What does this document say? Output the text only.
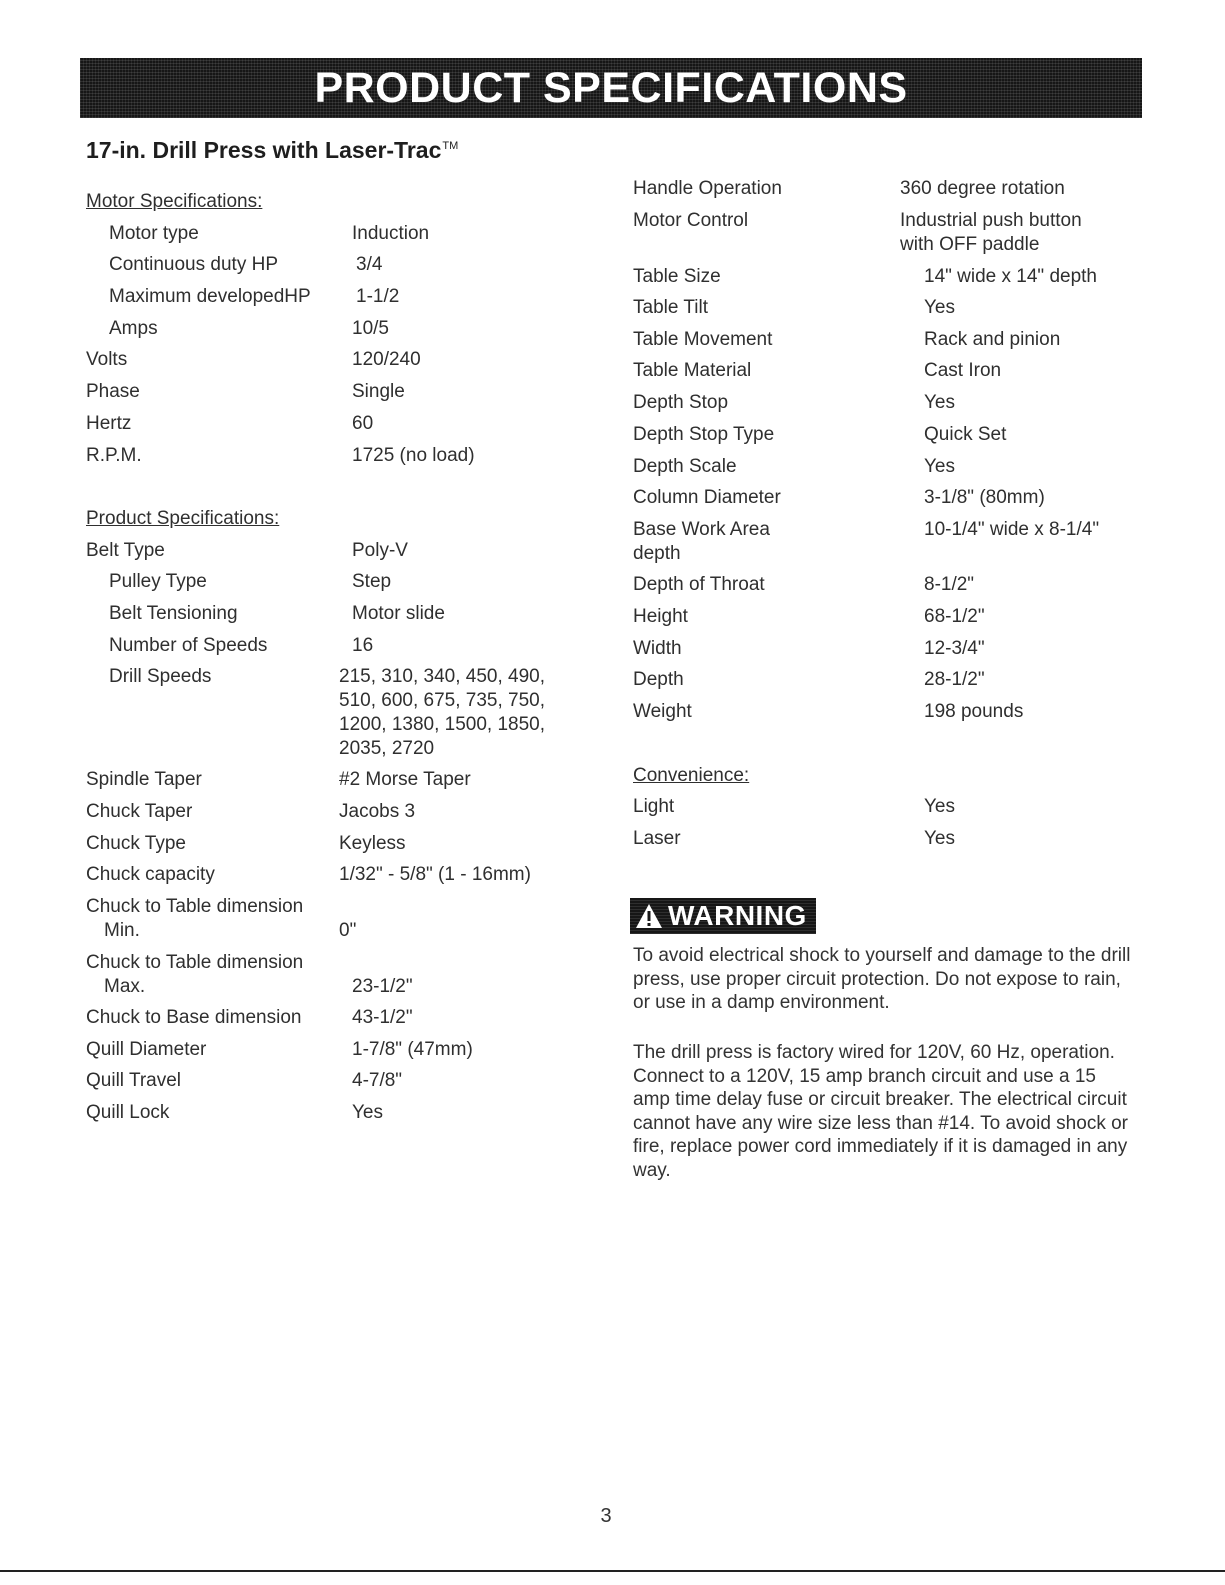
PRODUCT SPECIFICATIONS
17-in. Drill Press with Laser-Trac™
Motor Specifications:
Motor type	Induction
Continuous duty HP	3/4
Maximum developedHP 1-1/2
Amps	10/5
Volts	120/240
Phase	Single
Hertz	60
R.P.M.	1725 (no load)
Product Specifications:
Belt Type	Poly-V
Pulley Type	Step
Belt Tensioning	Motor slide
Number of Speeds	16
Drill Speeds	215, 310, 340, 450, 490,
510, 600, 675, 735, 750,
1200, 1380, 1500, 1850,
2035, 2720
Spindle Taper	#2 Morse Taper
Chuck Taper	Jacobs 3
Chuck Type	Keyless
Chuck capacity	1/32" - 5/8" (1 - 16mm)
Chuck to Table dimension
Min.	0"
Chuck to Table dimension
Max.	23-1/2"
Chuck to Base dimension	43-1/2"
Quill Diameter	1-7/8" (47mm)
Quill Travel	4-7/8"
Quill Lock	Yes
Handle Operation	360 degree rotation
Motor Control	Industrial push button
with OFF paddle
Table Size	14" wide x 14" depth
Table Tilt	Yes
Table Movement	Rack and pinion
Table Material	Cast Iron
Depth Stop	Yes
Depth Stop Type	Quick Set
Depth Scale	Yes
Column Diameter	3-1/8" (80mm)
Base Work Area	10-1/4" wide x 8-1/4"
depth
Depth of Throat	8-1/2"
Height	68-1/2"
Width	12-3/4"
Depth	28-1/2"
Weight	198 pounds
Convenience:
Light	Yes
Laser	Yes
WARNING
To avoid electrical shock to yourself and damage to the drill press, use proper circuit protection. Do not expose to rain, or use in a damp environment.
The drill press is factory wired for 120V, 60 Hz, operation. Connect to a 120V, 15 amp branch circuit and use a 15 amp time delay fuse or circuit breaker. The electrical circuit cannot have any wire size less than #14. To avoid shock or fire, replace power cord immediately if it is damaged in any way.
3
